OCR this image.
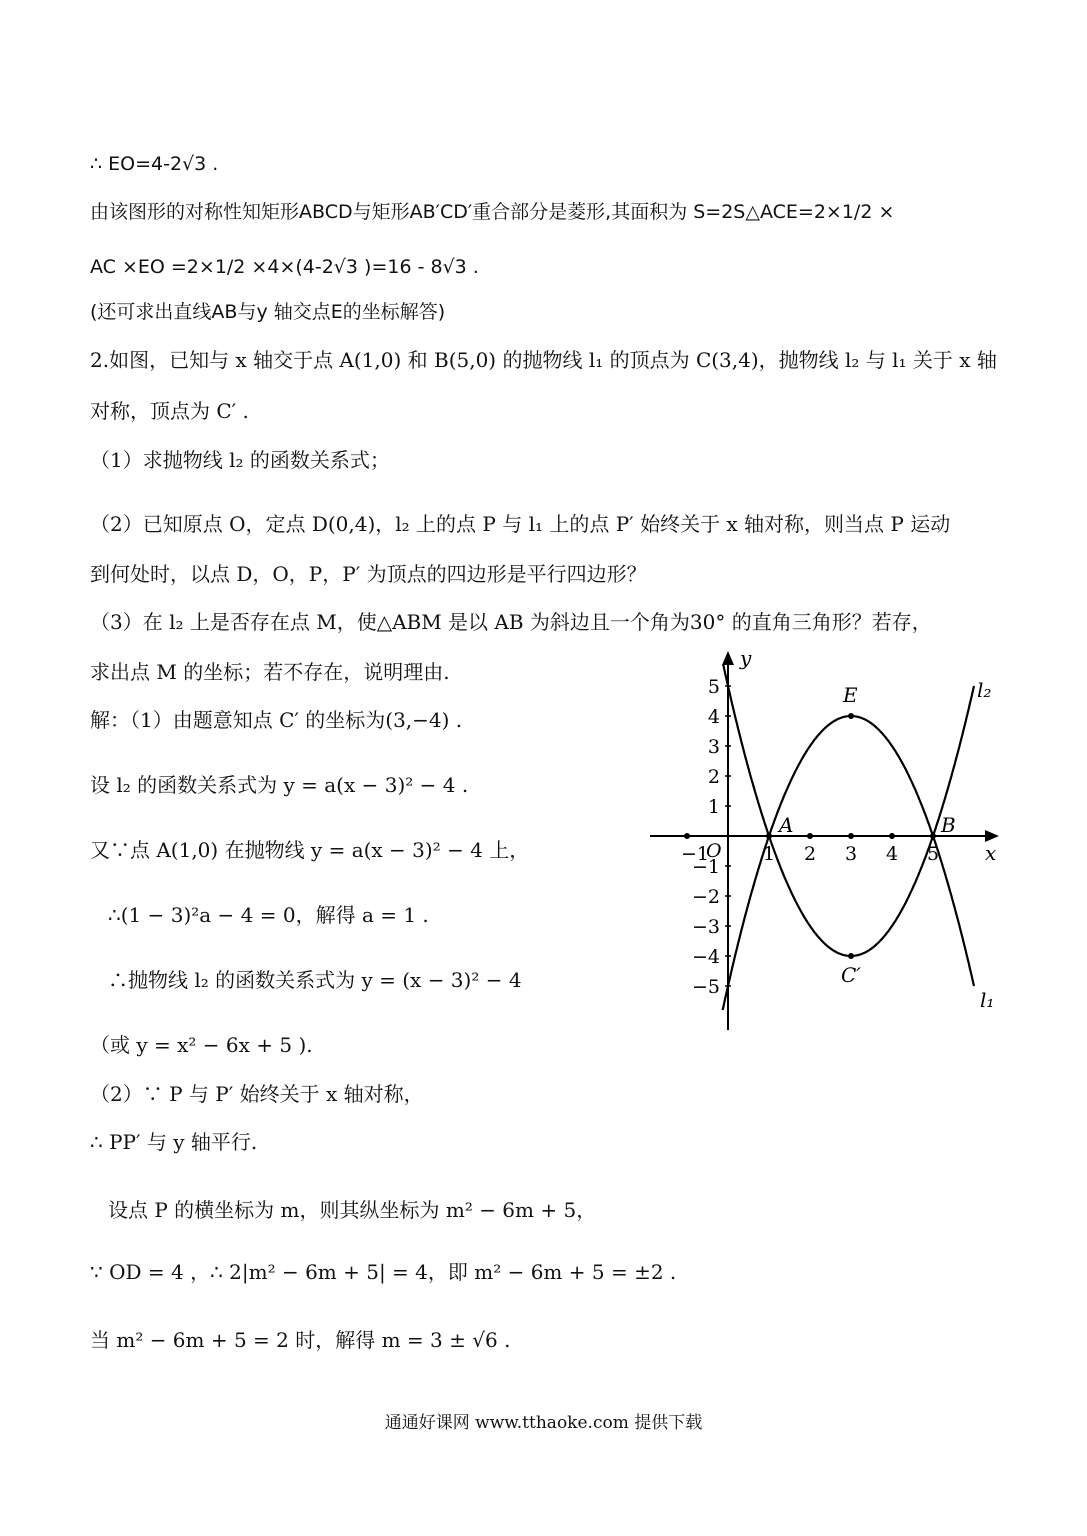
∴ EO=4-2√3 .
由该图形的对称性知矩形ABCD与矩形AB′CD′重合部分是菱形,其面积为 S=2S△ACE=2×1/2 ×
AC ×EO =2×1/2 ×4×(4-2√3 )=16 - 8√3 .
(还可求出直线AB与y 轴交点E的坐标解答)
2.如图，已知与 x 轴交于点 A(1,0) 和 B(5,0) 的抛物线 l₁ 的顶点为 C(3,4)，抛物线 l₂ 与 l₁ 关于 x 轴
对称，顶点为 C′ .
（1）求抛物线 l₂ 的函数关系式；
（2）已知原点 O，定点 D(0,4)，l₂ 上的点 P 与 l₁ 上的点 P′ 始终关于 x 轴对称，则当点 P 运动
到何处时，以点 D，O，P，P′ 为顶点的四边形是平行四边形？
（3）在 l₂ 上是否存在点 M，使△ABM 是以 AB 为斜边且一个角为30° 的直角三角形？若存，
求出点 M 的坐标；若不存在，说明理由.
解：（1）由题意知点 C′ 的坐标为(3,−4) .
设 l₂ 的函数关系式为 y = a(x − 3)² − 4 .
又∵点 A(1,0) 在抛物线 y = a(x − 3)² − 4 上，
∴(1 − 3)²a − 4 = 0，解得 a = 1 .
∴抛物线 l₂ 的函数关系式为 y = (x − 3)² − 4
（或 y = x² − 6x + 5 ).
（2）∵ P 与 P′ 始终关于 x 轴对称，
∴ PP′ 与 y 轴平行.
设点 P 的横坐标为 m，则其纵坐标为 m² − 6m + 5，
∵ OD = 4 ，∴ 2|m² − 6m + 5| = 4，即 m² − 6m + 5 = ±2 .
当 m² − 6m + 5 = 2 时，解得 m = 3 ± √6 .
x
y
O
−1	1 2 3 4 5
5
4
3
2
1
−1
−2
−3
−4
−5
l₁
l₂
A	B
E
C′
通通好课网 www.tthaoke.com 提供下载
